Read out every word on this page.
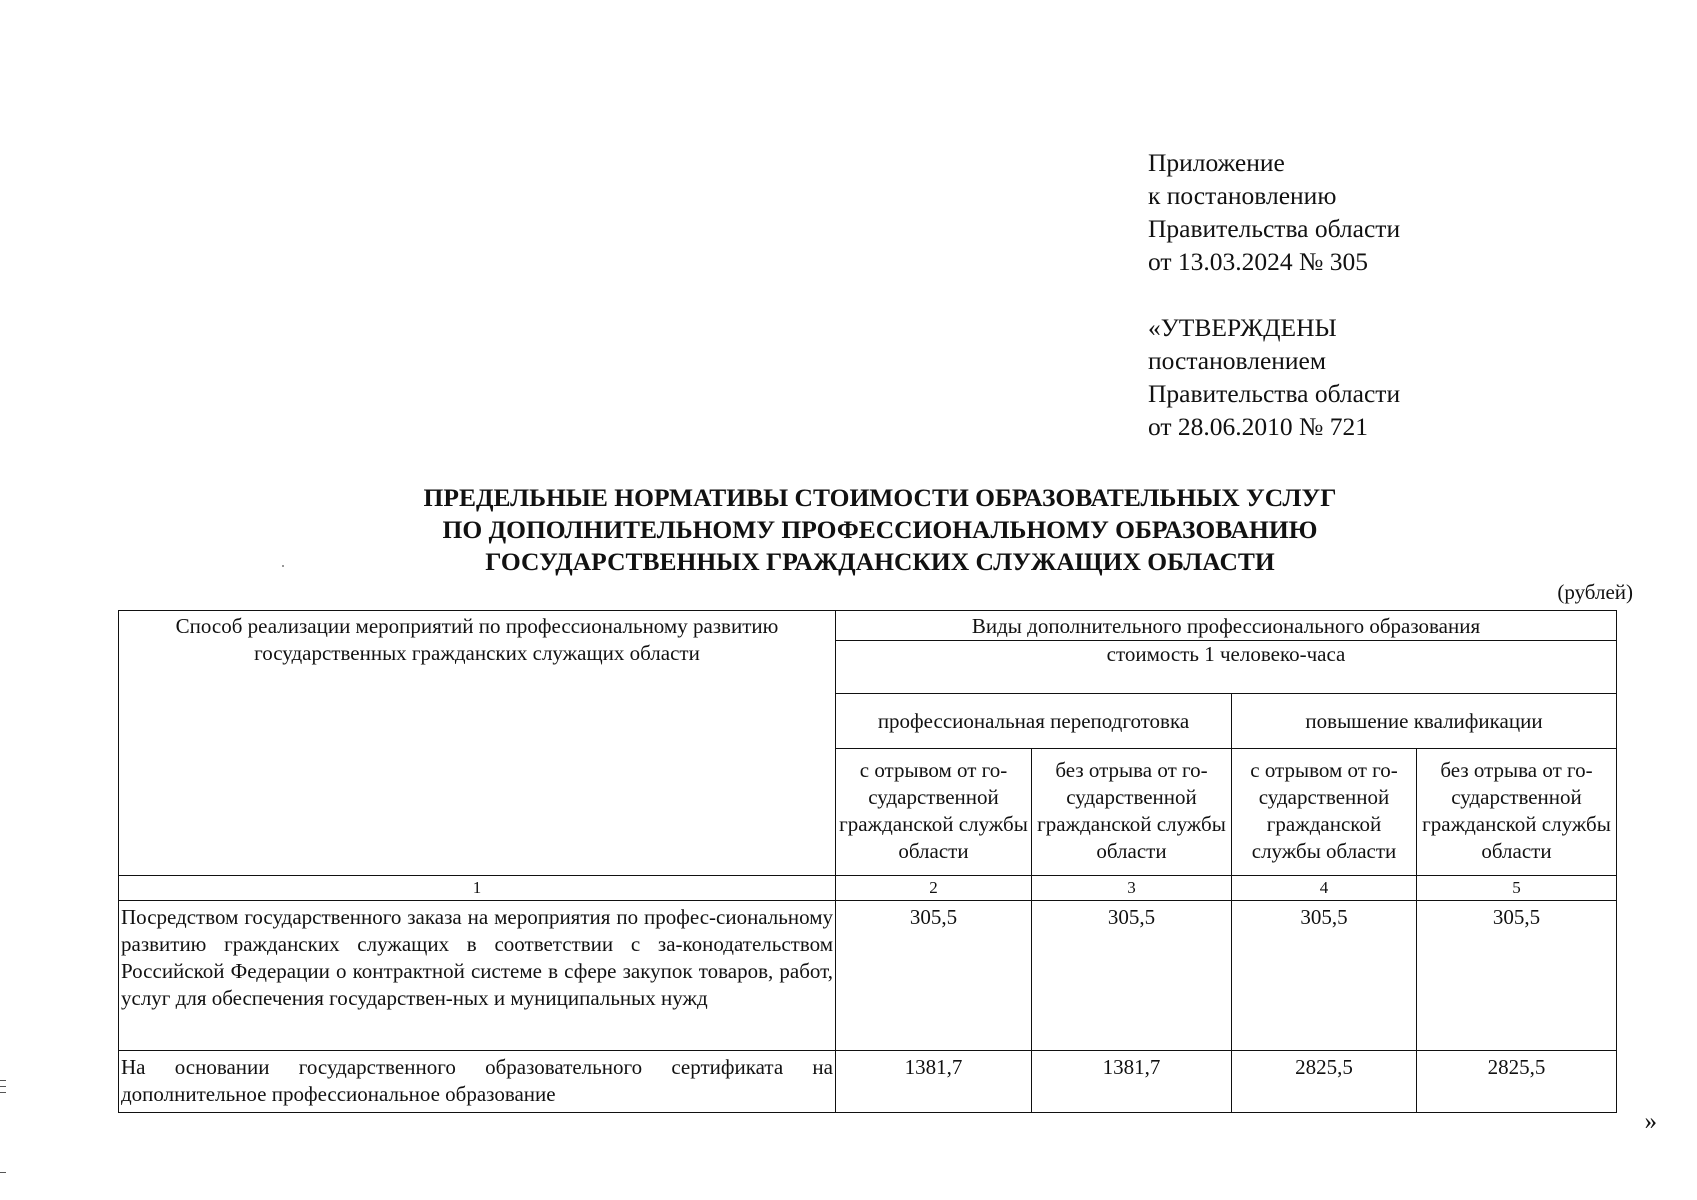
Приложение
к постановлению
Правительства области
от 13.03.2024 № 305
«УТВЕРЖДЕНЫ
постановлением
Правительства области
от 28.06.2010 № 721
ПРЕДЕЛЬНЫЕ НОРМАТИВЫ СТОИМОСТИ ОБРАЗОВАТЕЛЬНЫХ УСЛУГ
ПО ДОПОЛНИТЕЛЬНОМУ ПРОФЕССИОНАЛЬНОМУ ОБРАЗОВАНИЮ
ГОСУДАРСТВЕННЫХ ГРАЖДАНСКИХ СЛУЖАЩИХ ОБЛАСТИ
(рублей)
Способ реализации мероприятий по профессиональному развитию государственных гражданских служащих области	Виды дополнительного профессионального образования			
	стоимость 1 человеко-часа			
	профессиональная переподготовка		повышение квалификации	
	с отрывом от го-сударственной гражданской службы области	без отрыва от го-сударственной гражданской службы области	с отрывом от го-сударственной гражданской службы области	без отрыва от го-сударственной гражданской службы области
1	2	3	4	5
Посредством государственного заказа на мероприятия по профес-сиональному развитию гражданских служащих в соответствии с за-конодательством Российской Федерации о контрактной системе в сфере закупок товаров, работ, услуг для обеспечения государствен-ных и муниципальных нужд	305,5	305,5	305,5	305,5
На основании государственного образовательного сертификата на дополнительное профессиональное образование	1381,7	1381,7	2825,5	2825,5
»
